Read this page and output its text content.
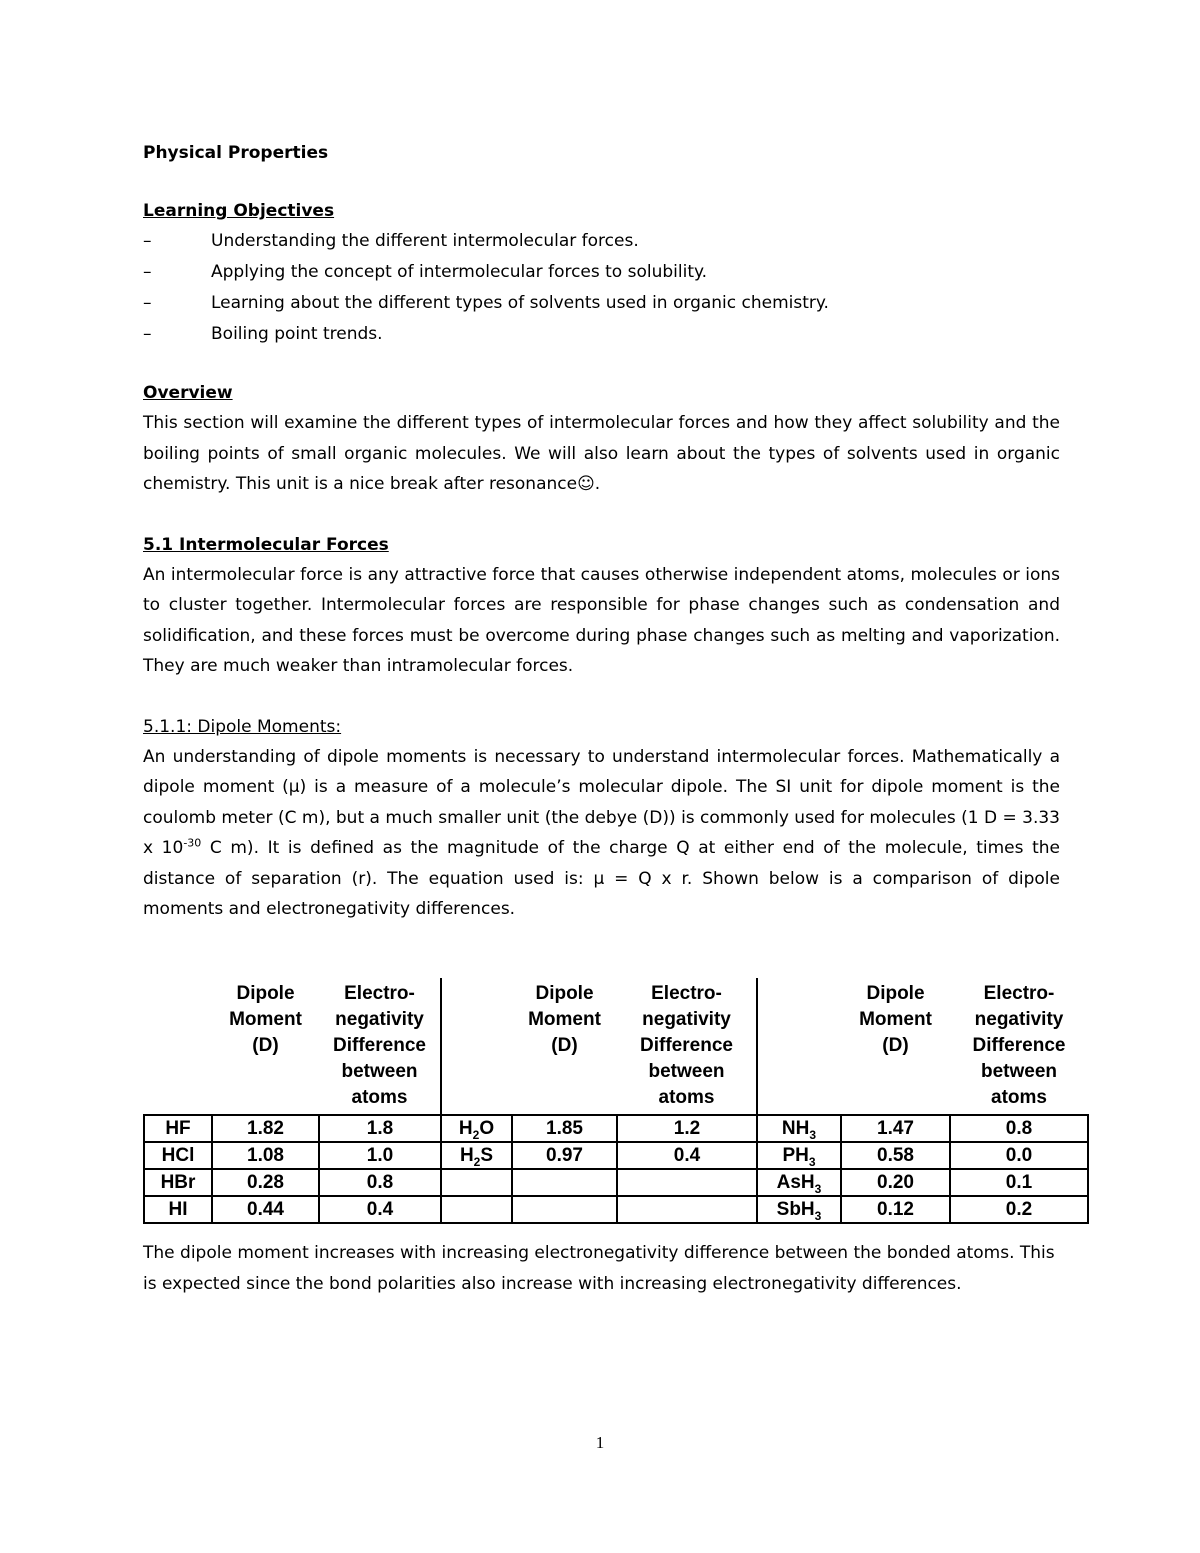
Physical Properties
Learning Objectives
–	Understanding the different intermolecular forces.
–	Applying the concept of intermolecular forces to solubility.
–	Learning about the different types of solvents used in organic chemistry.
–	Boiling point trends.
Overview

This section will examine the different types of intermolecular forces and how they affect solubility and the boiling points of small organic molecules. We will also learn about the types of solvents used in organic chemistry. This unit is a nice break after resonance☺.

5.1 Intermolecular Forces

An intermolecular force is any attractive force that causes otherwise independent atoms, molecules or ions to cluster together. Intermolecular forces are responsible for phase changes such as condensation and solidification, and these forces must be overcome during phase changes such as melting and vaporization. They are much weaker than intramolecular forces.

5.1.1: Dipole Moments:

An understanding of dipole moments is necessary to understand intermolecular forces. Mathematically a dipole moment (μ) is a measure of a molecule’s molecular dipole. The SI unit for dipole moment is the coulomb meter (C m), but a much smaller unit (the debye (D)) is commonly used for molecules (1 D = 3.33 x $10^{-30}$ C m). It is defined as the magnitude of the charge Q at either end of the molecule, times the distance of separation (r). The equation used is: μ = Q x r. Shown below is a comparison of dipole moments and electronegativity differences.

	Dipole
Moment
(D)	Electro-
negativity
Difference
between
atoms		Dipole
Moment
(D)	Electro-
negativity
Difference
between
atoms		Dipole
Moment
(D)	Electro-
negativity
Difference
between
atoms
HF	1.82	1.8	$H_2O$	1.85	1.2	$NH_3$	1.47	0.8
HCl	1.08	1.0	$H_2S$	0.97	0.4	$PH_3$	0.58	0.0
HBr	0.28	0.8				AsH$_3$	0.20	0.1
HI	0.44	0.4				SbH$_3$	0.12	0.2

The dipole moment increases with increasing electronegativity difference between the bonded atoms. This is expected since the bond polarities also increase with increasing electronegativity differences.

1
